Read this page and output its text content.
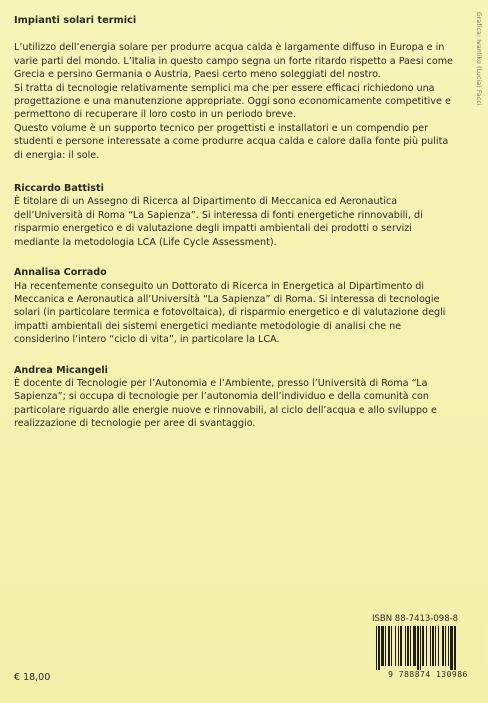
Grafica: Ivanliko (Lucia) Facci

Impianti solari termici

L’utilizzo dell’energia solare per produrre acqua calda è largamente diffuso in Europa e in varie parti del mondo. L’Italia in questo campo segna un forte ritardo rispetto a Paesi come Grecia e persino Germania o Austria, Paesi certo meno soleggiati del nostro.

Si tratta di tecnologie relativamente semplici ma che per essere efficaci richiedono una progettazione e una manutenzione appropriate. Oggi sono economicamente competitive e permettono di recuperare il loro costo in un periodo breve.

Questo volume è un supporto tecnico per progettisti e installatori e un compendio per studenti e persone interessate a come produrre acqua calda e calore dalla fonte più pulita di energia: il sole.

Riccardo Battisti

È titolare di un Assegno di Ricerca al Dipartimento di Meccanica ed Aeronautica dell’Università di Roma “La Sapienza”. Si interessa di fonti energetiche rinnovabili, di risparmio energetico e di valutazione degli impatti ambientali dei prodotti o servizi mediante la metodologia LCA (Life Cycle Assessment).

Annalisa Corrado

Ha recentemente conseguito un Dottorato di Ricerca in Energetica al Dipartimento di Meccanica e Aeronautica all’Università “La Sapienza” di Roma. Si interessa di tecnologie solari (in particolare termica e fotovoltaica), di risparmio energetico e di valutazione degli impatti ambientali dei sistemi energetici mediante metodologie di analisi che ne considerino l’intero “ciclo di vita”, in particolare la LCA.

Andrea Micangeli

È docente di Tecnologie per l’Autonomia e l’Ambiente, presso l’Università di Roma “La Sapienza”; si occupa di tecnologie per l’autonomia dell’individuo e della comunità con particolare riguardo alle energie nuove e rinnovabili, al ciclo dell’acqua e allo sviluppo e realizzazione di tecnologie per aree di svantaggio.

ISBN 88-7413-098-8
9 788874 130986
€ 18,00
